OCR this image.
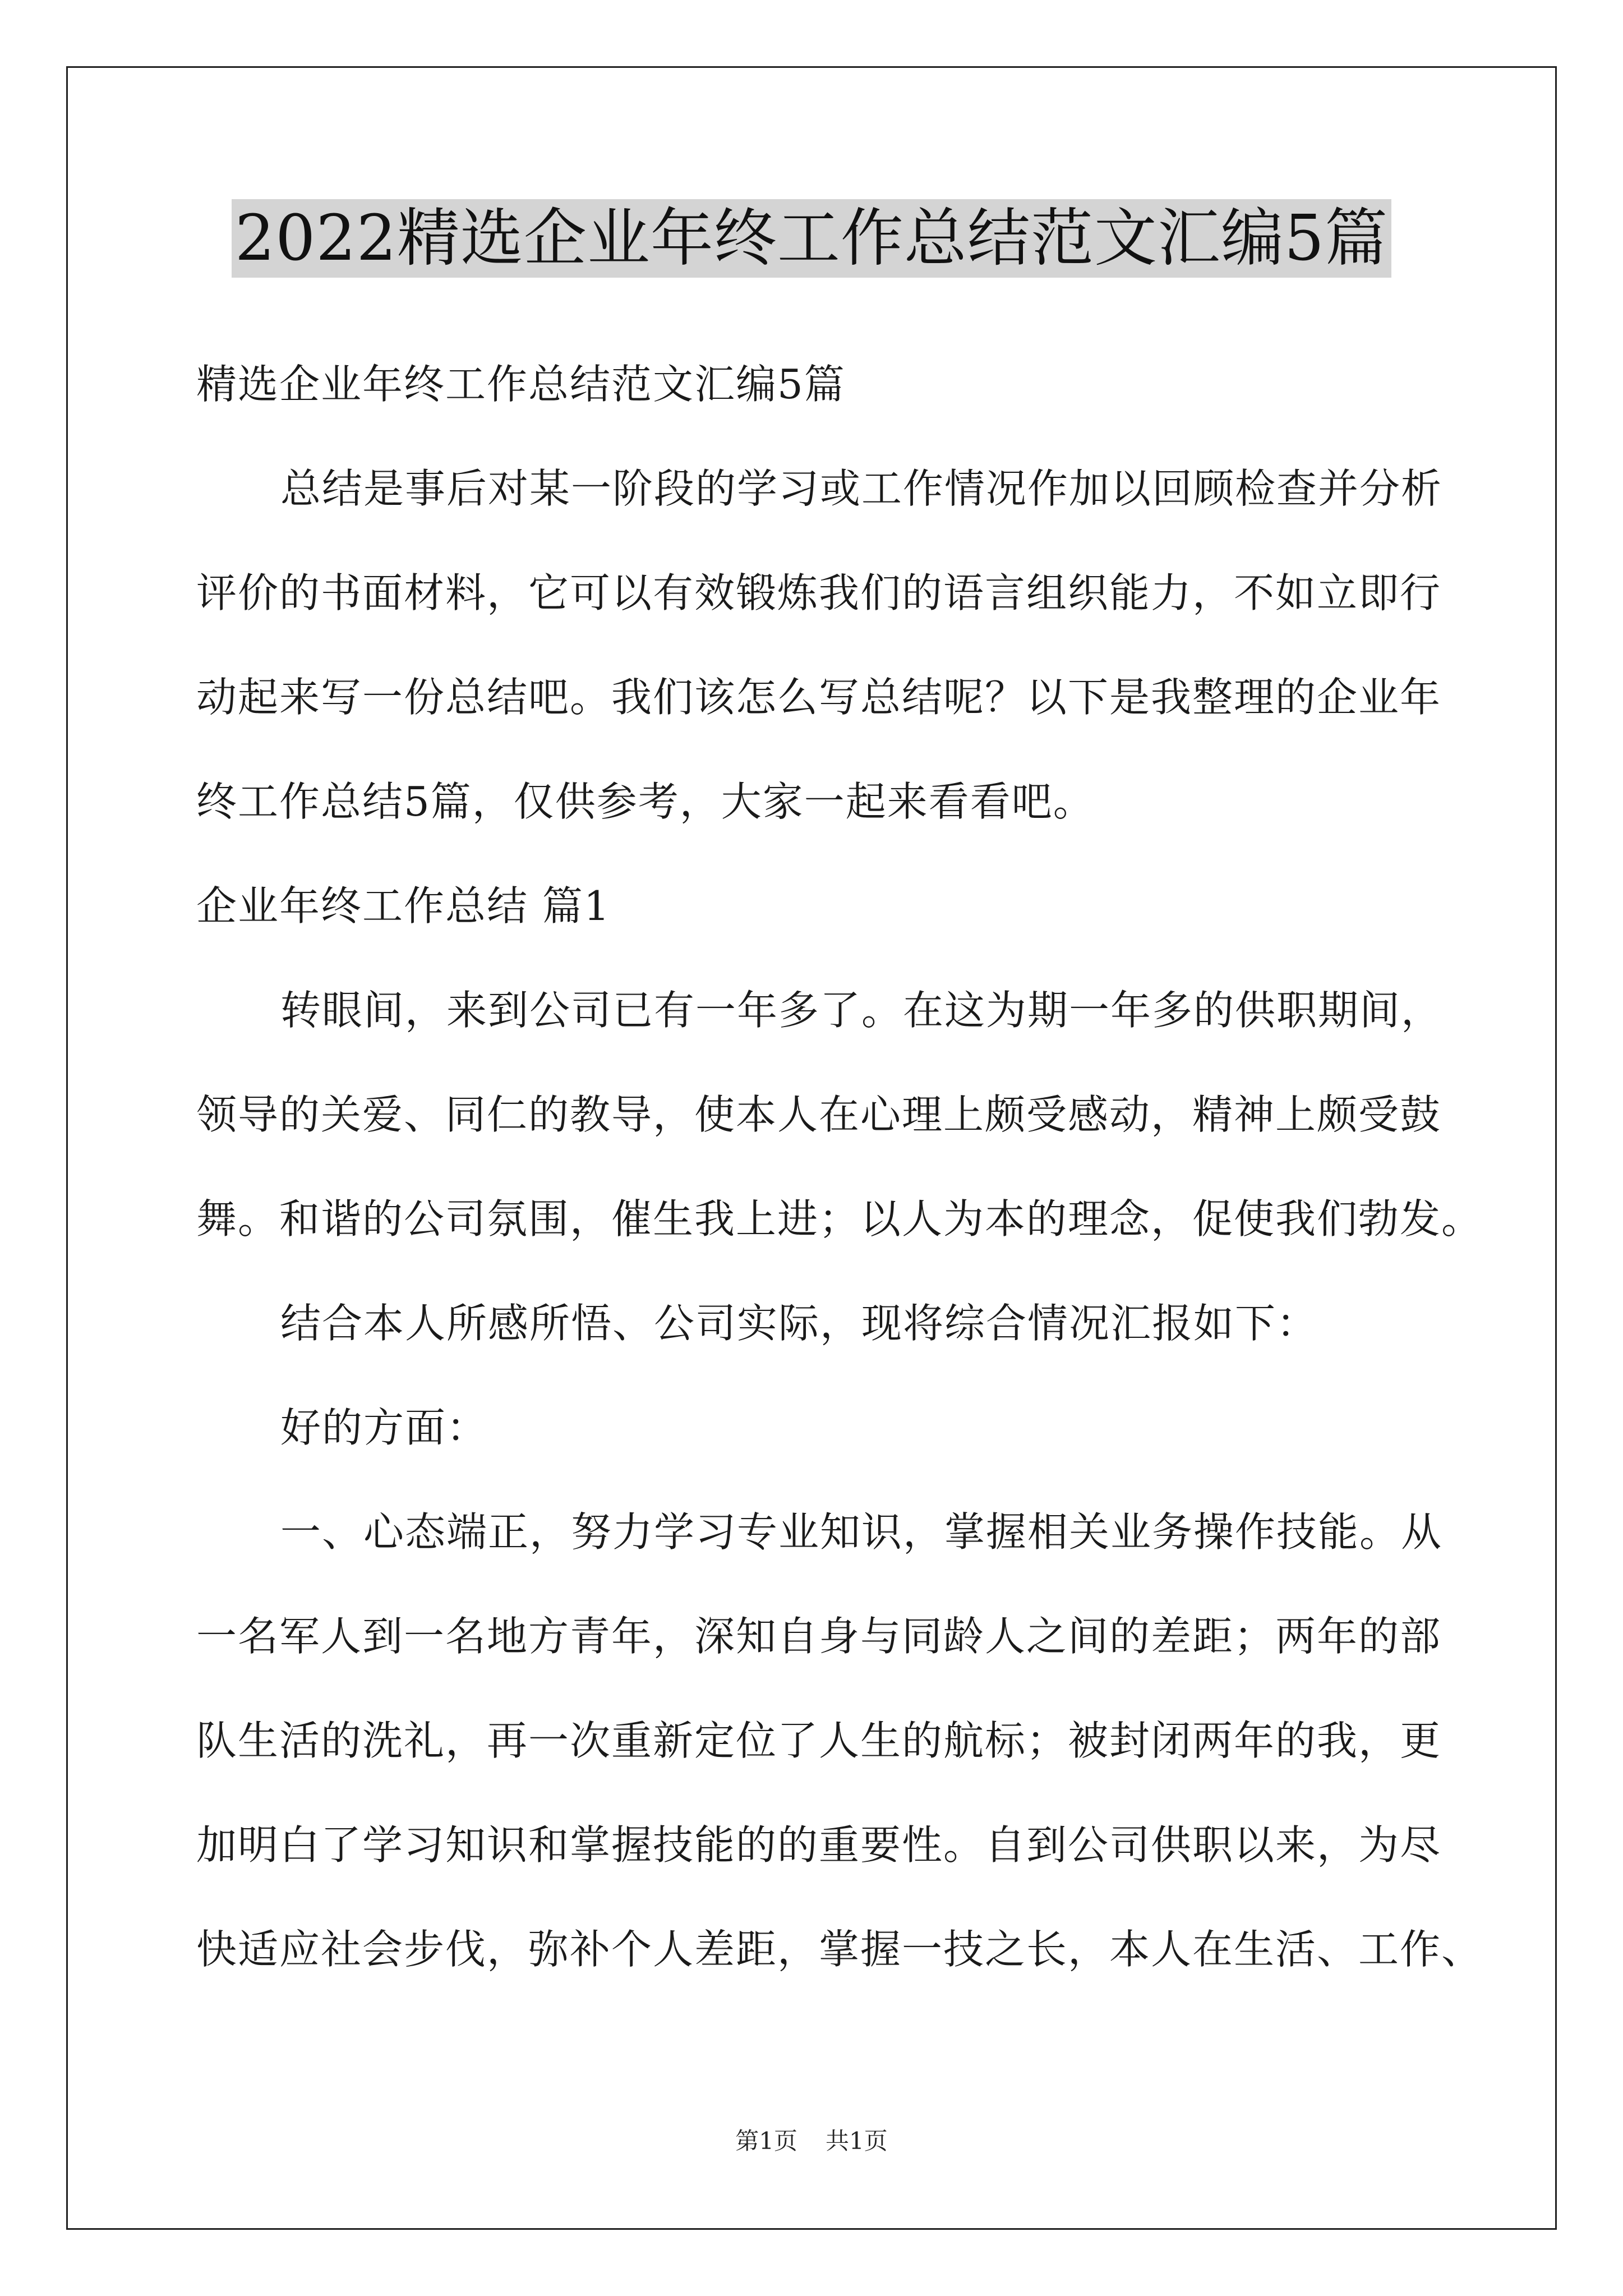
2022精选企业年终工作总结范文汇编5篇
精选企业年终工作总结范文汇编5篇
总结是事后对某一阶段的学习或工作情况作加以回顾检查并分析
评价的书面材料，它可以有效锻炼我们的语言组织能力，不如立即行
动起来写一份总结吧。我们该怎么写总结呢？以下是我整理的企业年
终工作总结5篇，仅供参考，大家一起来看看吧。
企业年终工作总结 篇1
转眼间，来到公司已有一年多了。在这为期一年多的供职期间，
领导的关爱、同仁的教导，使本人在心理上颇受感动，精神上颇受鼓
舞。和谐的公司氛围，催生我上进；以人为本的理念，促使我们勃发。
结合本人所感所悟、公司实际，现将综合情况汇报如下：
好的方面：
一、心态端正，努力学习专业知识，掌握相关业务操作技能。从
一名军人到一名地方青年，深知自身与同龄人之间的差距；两年的部
队生活的洗礼，再一次重新定位了人生的航标；被封闭两年的我，更
加明白了学习知识和掌握技能的的重要性。自到公司供职以来，为尽
快适应社会步伐，弥补个人差距，掌握一技之长，本人在生活、工作、
第1页 共1页
